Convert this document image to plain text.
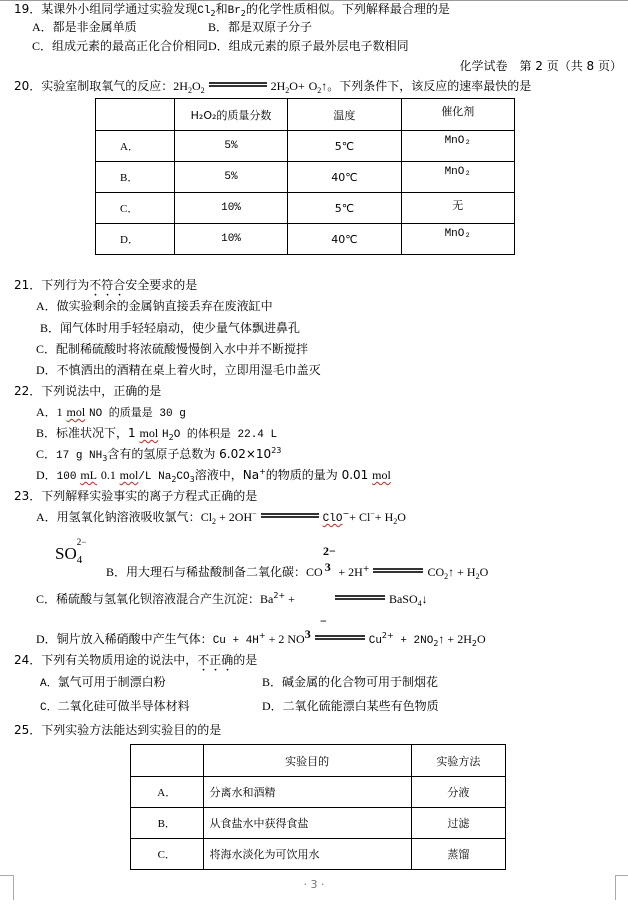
19．某课外小组同学通过实验发现$Cl_2$和$Br_2$的化学性质相似。下列解释最合理的是
A．都是非金属单质	B．都是双原子分子
C．组成元素的最高正化合价相同 D．组成元素的原子最外层电子数相同
化学试卷　第 2 页（共 8 页）
20．实验室制取氧气的反应：$2H_2O_2$	$2H_2O+$ $O_2↑$。下列条件下，该反应的速率最快的是
	H₂O₂的质量分数	温度	催化剂
A．	5%	5℃	MnO₂
B．	5%	40℃	MnO₂
C．	10%	5℃	无
D．	10%	40℃	MnO₂
21．下列行为不符合安全要求的是
A．做实验剩余的金属钠直接丢弃在废液缸中
B．闻气体时用手轻轻扇动，使少量气体飘进鼻孔
C．配制稀硫酸时将浓硫酸慢慢倒入水中并不断搅拌
D．不慎洒出的酒精在桌上着火时，立即用湿毛巾盖灭
22．下列说法中，正确的是
A．1 mol NO 的质量是 30 g
B．标准状况下，1 mol $H_2O$ 的体积是 22.4 L
C．17 g $NH_3$含有的氢原子总数为 $6.02\times 10^{23}$
D．100 mL 0.1 mol/L $Na_2CO_3$溶液中，Na+的物质的量为 0.01 mol
23．下列解释实验事实的离子方程式正确的是
A．用氢氧化钠溶液吸收氯气：$Cl_2 + 2OH^-$	$ClO^-+ Cl^-+ H_2O$
SO
2−
$_4$
2−
B．用大理石与稀盐酸制备二氧化碳：CO 3 + 2H+	$CO_2↑ + H_2O$
C．稀硫酸与氢氧化钡溶液混合产生沉淀：$Ba^{2+}$ +	BaSO$_4$↓
−
D．铜片放入稀硝酸中产生气体：Cu + 4H+ + 2 NO3	$Cu^{2+}$ + $2NO_2↑ + 2H_2O$
24．下列有关物质用途的说法中，不正确的是
A．氯气可用于制漂白粉	B．碱金属的化合物可用于制烟花
C．二氧化硅可做半导体材料	D．二氧化硫能漂白某些有色物质
25．下列实验方法能达到实验目的的是
	实验目的	实验方法
A．	分离水和酒精	分液
B．	从食盐水中获得食盐	过滤
C．	将海水淡化为可饮用水	蒸馏
· 3 ·
